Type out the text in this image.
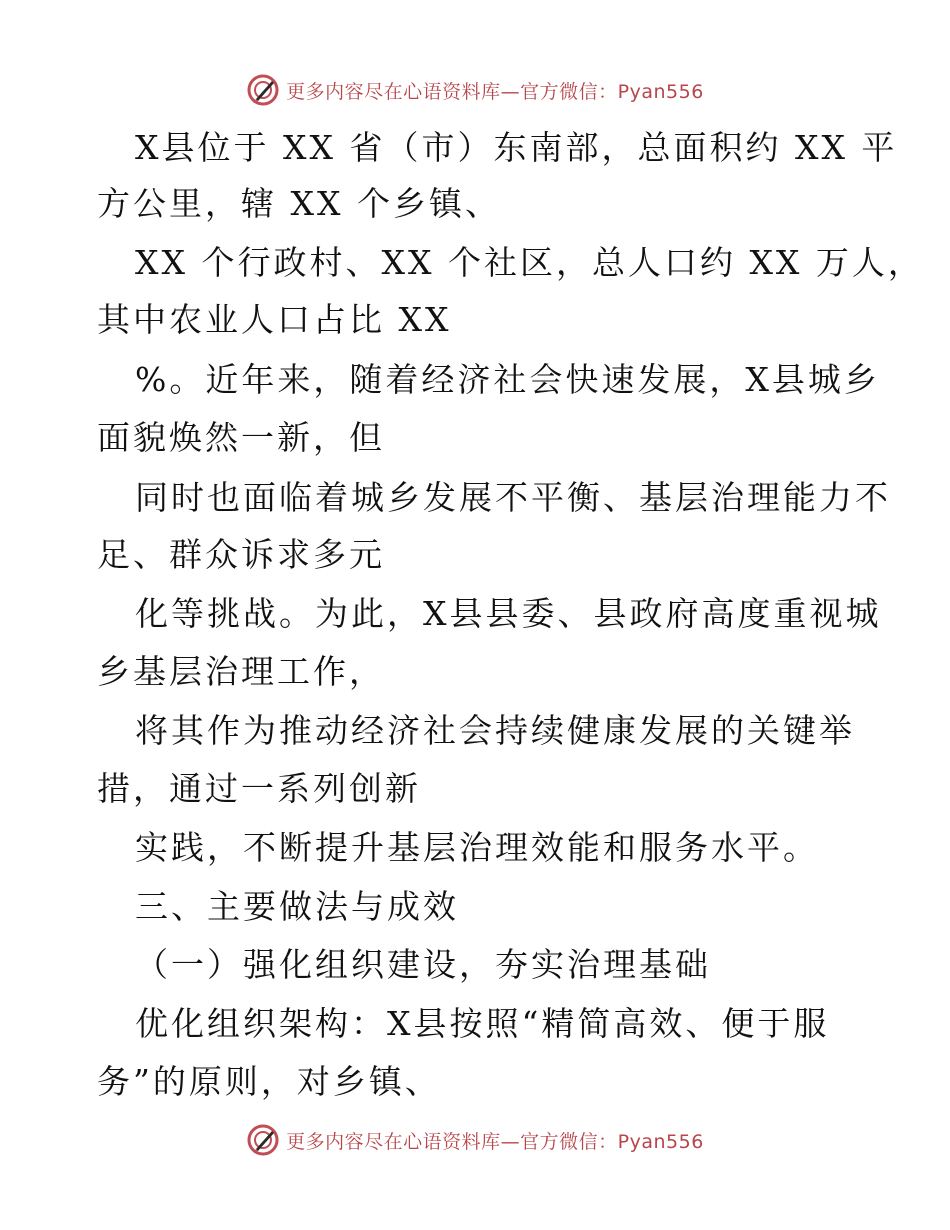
更多内容尽在心语资料库—官方微信：Pyan556
X县位于 XX 省（市）东南部，总面积约 XX 平
方公里，辖 XX 个乡镇、
XX 个行政村、XX 个社区，总人口约 XX 万人，
其中农业人口占比 XX
%。近年来，随着经济社会快速发展，X县城乡
面貌焕然一新，但
同时也面临着城乡发展不平衡、基层治理能力不
足、群众诉求多元
化等挑战。为此，X县县委、县政府高度重视城
乡基层治理工作，
将其作为推动经济社会持续健康发展的关键举
措，通过一系列创新
实践，不断提升基层治理效能和服务水平。
三、主要做法与成效
（一）强化组织建设，夯实治理基础
优化组织架构：X县按照“精简高效、便于服
务”的原则，对乡镇、
更多内容尽在心语资料库—官方微信：Pyan556
